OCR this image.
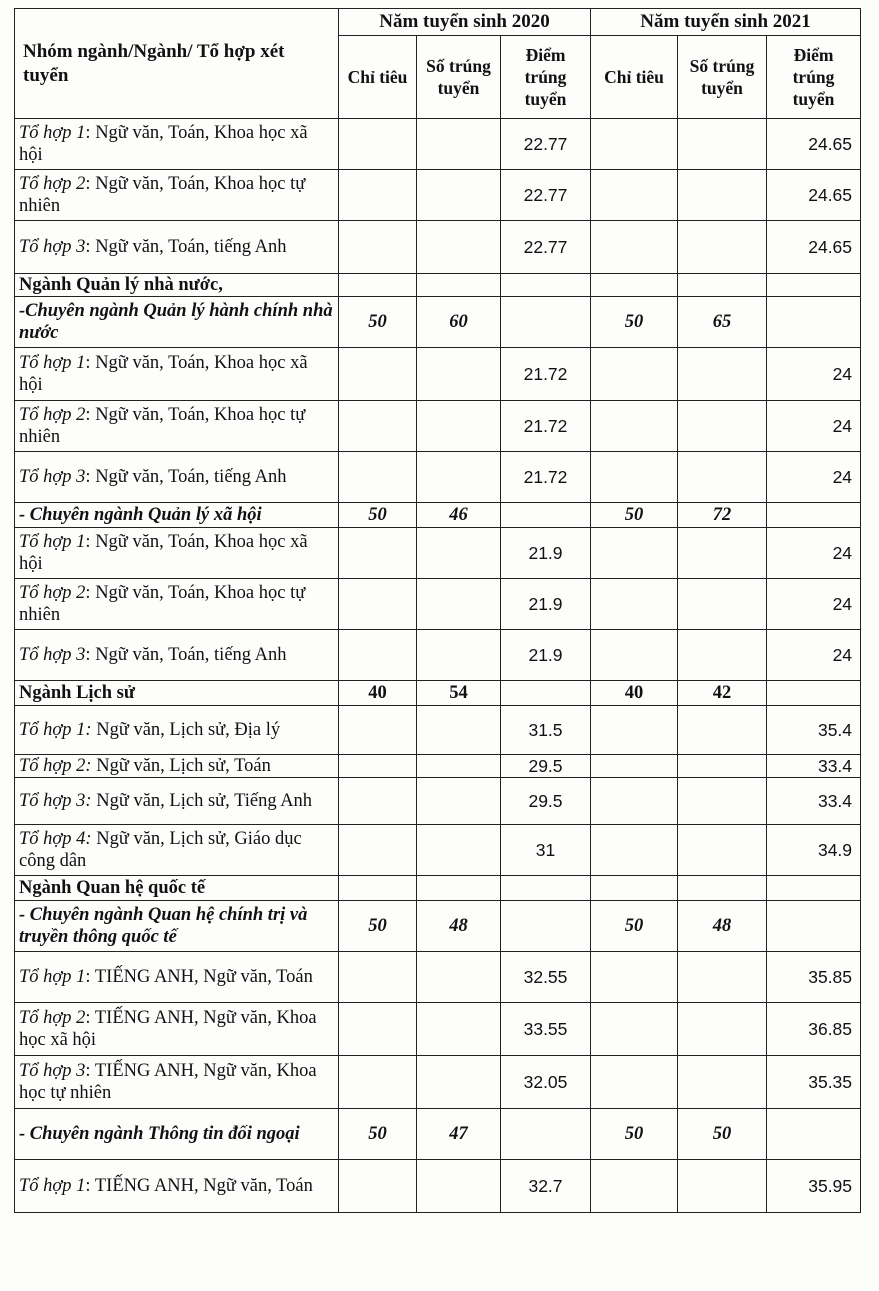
Nhóm ngành/Ngành/ Tổ hợp xét tuyển	Năm tuyển sinh 2020			Năm tuyển sinh 2021		
	Chỉ tiêu	Số trúng tuyển	Điểm trúng tuyển	Chỉ tiêu	Số trúng tuyển	Điểm trúng tuyển
Tổ hợp 1: Ngữ văn, Toán, Khoa học xã hội			22.77			24.65
Tổ hợp 2: Ngữ văn, Toán, Khoa học tự nhiên			22.77			24.65
Tổ hợp 3: Ngữ văn, Toán, tiếng Anh			22.77			24.65
Ngành Quản lý nhà nước,						
-Chuyên ngành Quản lý hành chính nhà nước	50	60		50	65	
Tổ hợp 1: Ngữ văn, Toán, Khoa học xã hội			21.72			24
Tổ hợp 2: Ngữ văn, Toán, Khoa học tự nhiên			21.72			24
Tổ hợp 3: Ngữ văn, Toán, tiếng Anh			21.72			24
- Chuyên ngành Quản lý xã hội	50	46		50	72	
Tổ hợp 1: Ngữ văn, Toán, Khoa học xã hội			21.9			24
Tổ hợp 2: Ngữ văn, Toán, Khoa học tự nhiên			21.9			24
Tổ hợp 3: Ngữ văn, Toán, tiếng Anh			21.9			24
Ngành Lịch sử	40	54		40	42	
Tổ hợp 1: Ngữ văn, Lịch sử, Địa lý			31.5			35.4
Tổ hợp 2: Ngữ văn, Lịch sử, Toán			29.5			33.4
Tổ hợp 3: Ngữ văn, Lịch sử, Tiếng Anh			29.5			33.4
Tổ hợp 4: Ngữ văn, Lịch sử, Giáo dục công dân			31			34.9
Ngành Quan hệ quốc tế						
- Chuyên ngành Quan hệ chính trị và truyền thông quốc tế	50	48		50	48	
Tổ hợp 1: TIẾNG ANH, Ngữ văn, Toán			32.55			35.85
Tổ hợp 2: TIẾNG ANH, Ngữ văn, Khoa học xã hội			33.55			36.85
Tổ hợp 3: TIẾNG ANH, Ngữ văn, Khoa học tự nhiên			32.05			35.35
- Chuyên ngành Thông tin đối ngoại	50	47		50	50	
Tổ hợp 1: TIẾNG ANH, Ngữ văn, Toán			32.7			35.95
